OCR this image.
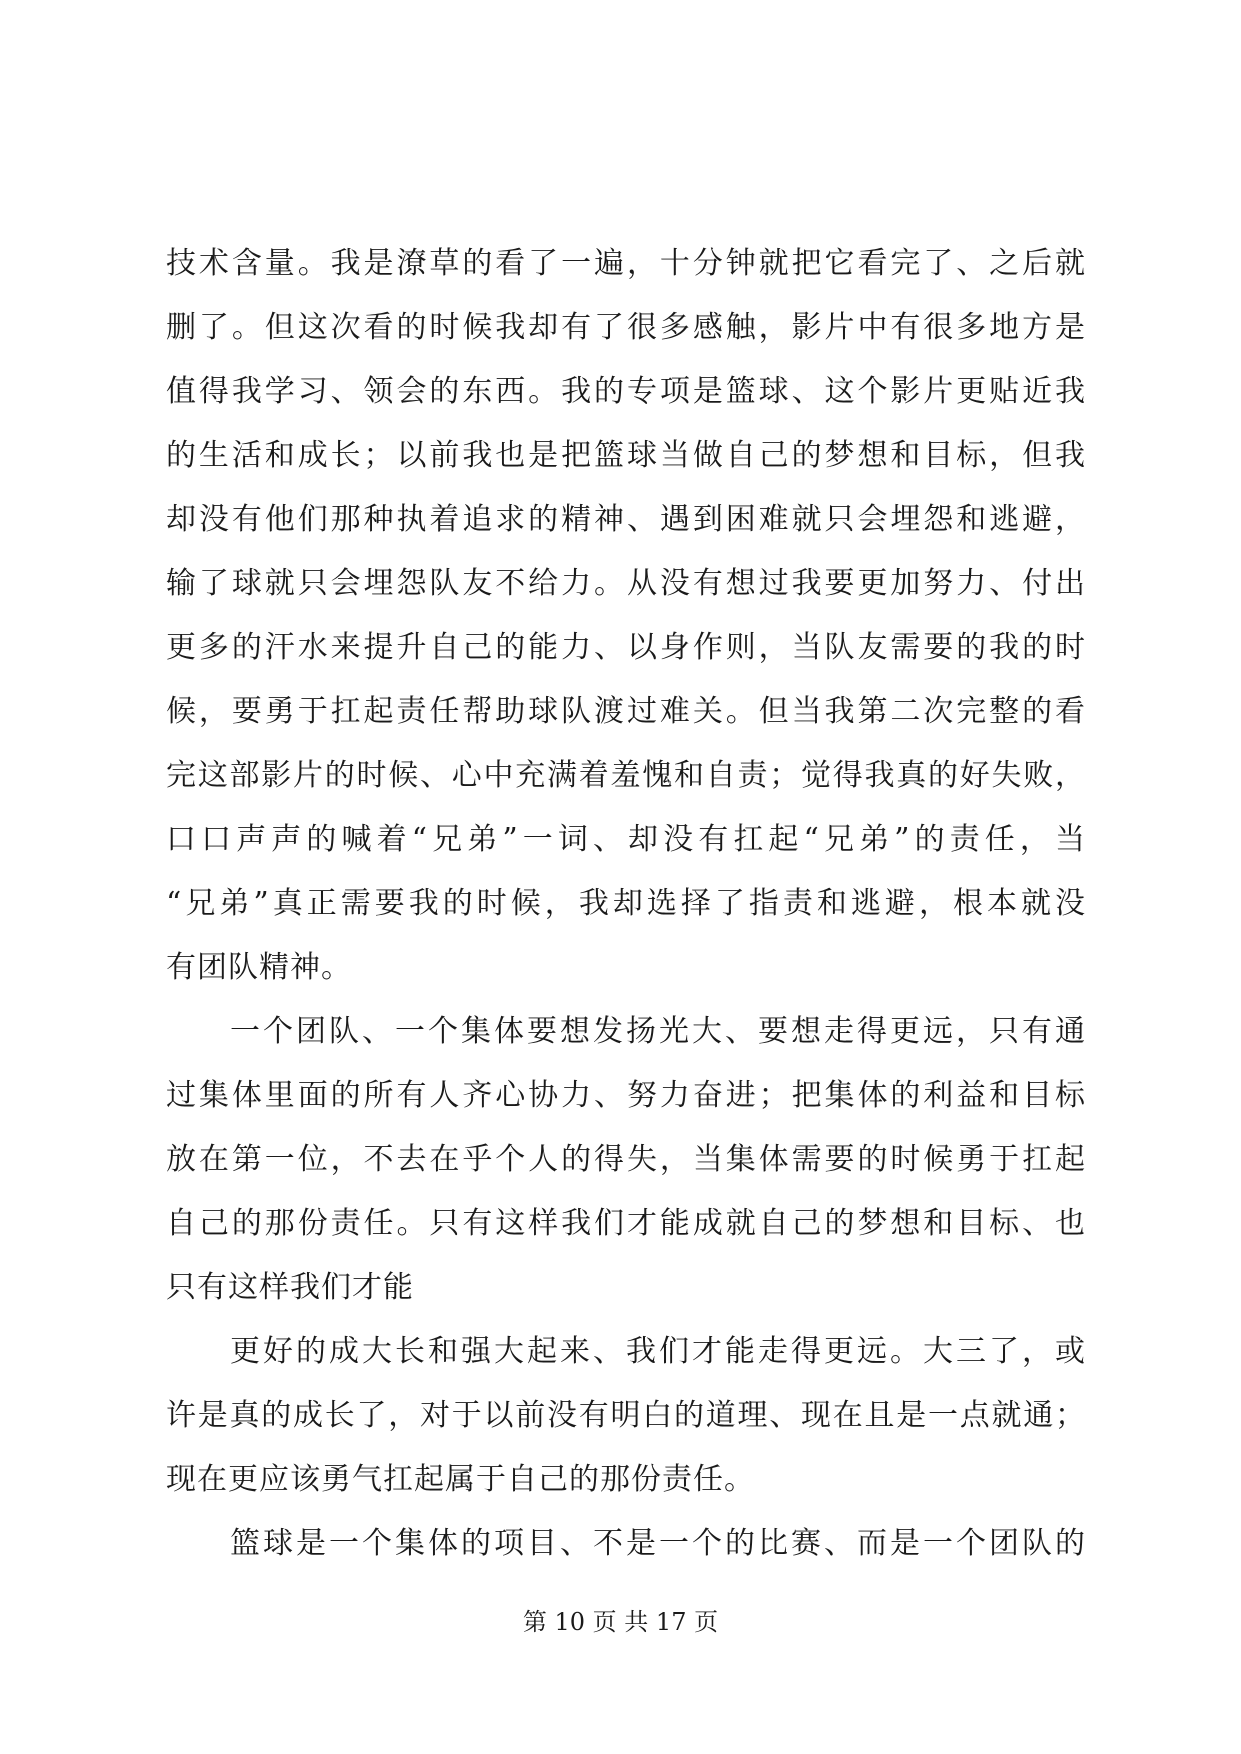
技术含量。我是潦草的看了一遍，十分钟就把它看完了、之后就
删了。但这次看的时候我却有了很多感触，影片中有很多地方是
值得我学习、领会的东西。我的专项是篮球、这个影片更贴近我
的生活和成长；以前我也是把篮球当做自己的梦想和目标，但我
却没有他们那种执着追求的精神、遇到困难就只会埋怨和逃避，
输了球就只会埋怨队友不给力。从没有想过我要更加努力、付出
更多的汗水来提升自己的能力、以身作则，当队友需要的我的时
候，要勇于扛起责任帮助球队渡过难关。但当我第二次完整的看
完这部影片的时候、心中充满着羞愧和自责；觉得我真的好失败，
口口声声的喊着“兄弟”一词、却没有扛起“兄弟”的责任，当
“兄弟”真正需要我的时候，我却选择了指责和逃避，根本就没
有团队精神。
一个团队、一个集体要想发扬光大、要想走得更远，只有通
过集体里面的所有人齐心协力、努力奋进；把集体的利益和目标
放在第一位，不去在乎个人的得失，当集体需要的时候勇于扛起
自己的那份责任。只有这样我们才能成就自己的梦想和目标、也
只有这样我们才能
更好的成大长和强大起来、我们才能走得更远。大三了，或
许是真的成长了，对于以前没有明白的道理、现在且是一点就通；
现在更应该勇气扛起属于自己的那份责任。
篮球是一个集体的项目、不是一个的比赛、而是一个团队的
第 10 页 共 17 页
